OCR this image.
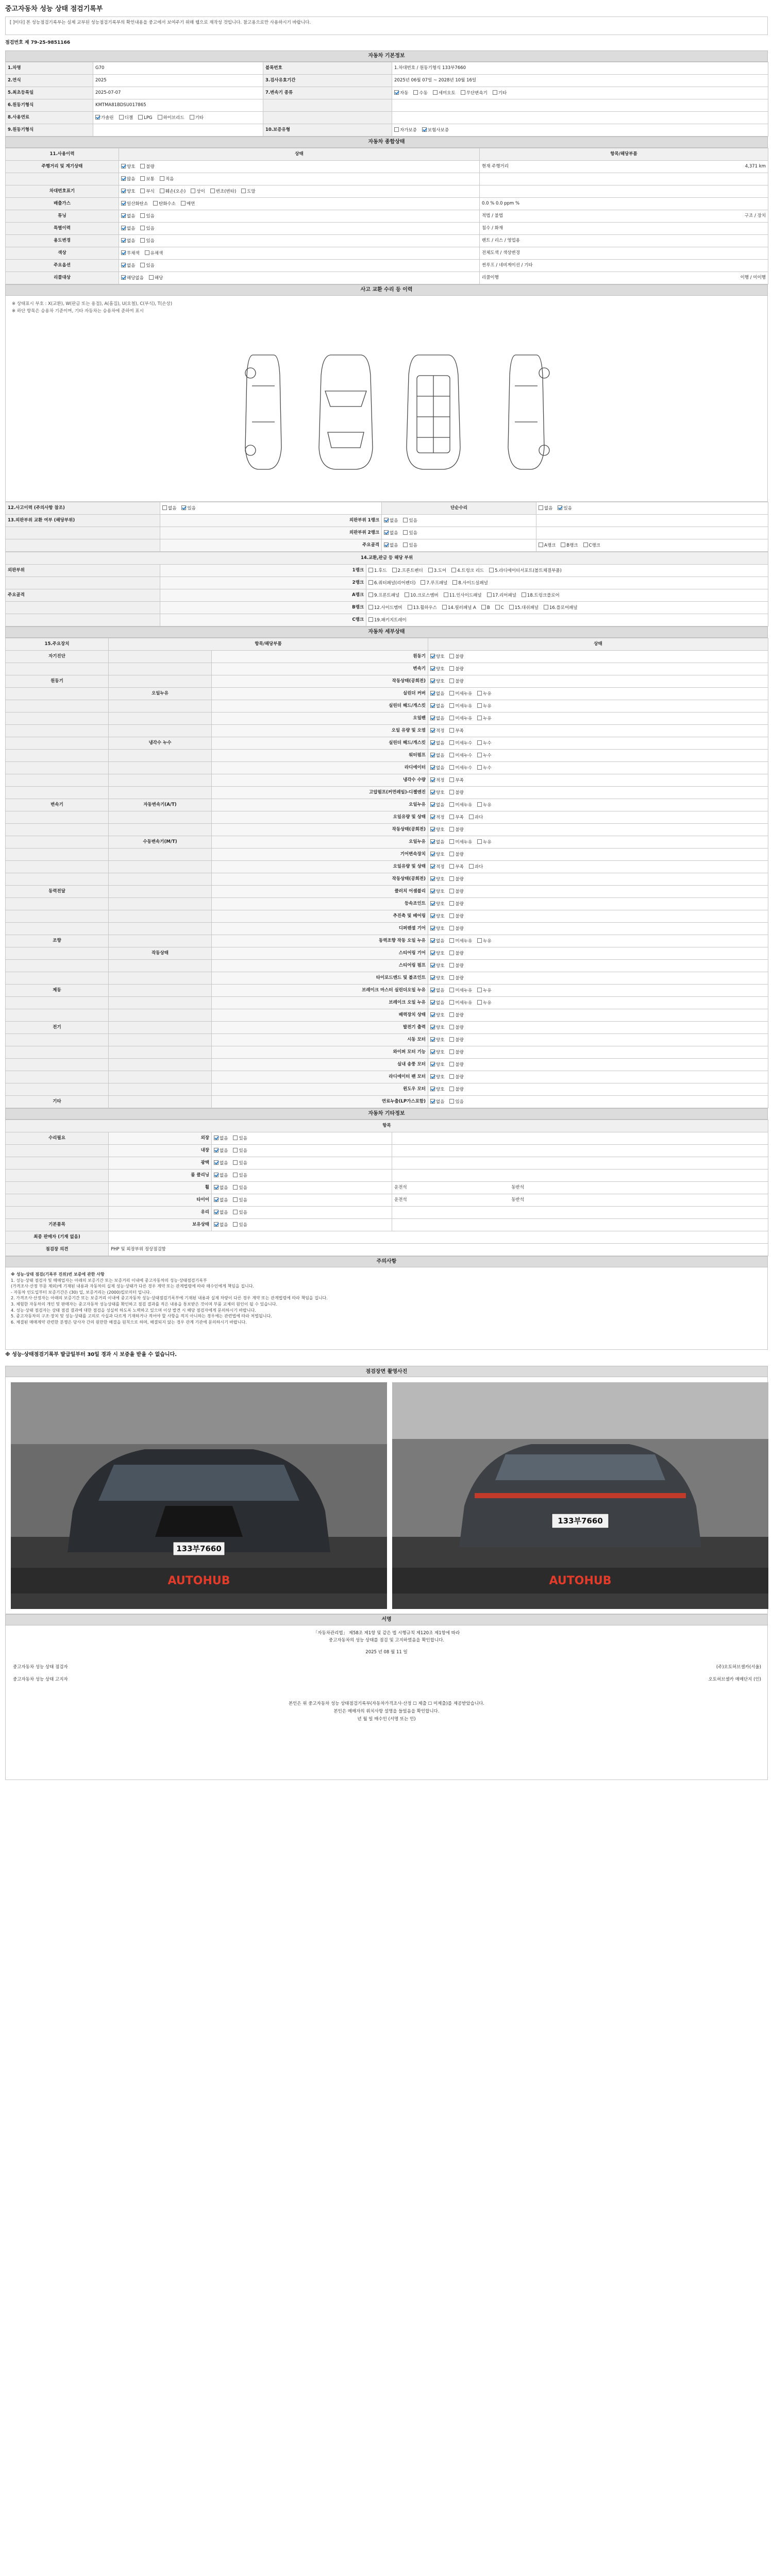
중고자동차 성능 상태 점검기록부
[ ]이다] 본 성능점검기록부는 실제 교부된 성능점검기록부의 확인내용을 중고에서 보여주기 위해 웹으로 재작성 것입니다. 참고용으로만 사용하시기 바랍니다.
점검번호 제 79-25-9851166
자동차 기본정보
1.차명	G70	블록번호	1.차대번호 / 원동기형식 133부7660
2.연식	2025	3.검사유효기간	2025년 06월 07일 ~ 2028년 10월 16일
5.최초등록일	2025-07-07	7.변속기 종류	자동 수동 세미오토 무단변속기 기타
6.원동기형식	KMTMA81BDSU017865		
8.사용연료	가솔린 디젤 LPG 하이브리드 기타		
9.원동기형식		10.보증유형	자가보증 보험사보증
자동차 종합상태
11.사용이력	상태	항목/해당부품
주행거리 및 계기상태	양호 불량	현재 주행거리 4,371 km

	많음 보통 적음	
차대번호표기	양호 부식 훼손(오손) 상이 변조(변타) 도말	
배출가스	일산화탄소 탄화수소 매연	0.0 % 0.0 ppm %
튜닝	없음 있음	적법 / 불법 구조 / 장치

특별이력	없음 있음	침수 / 화재
용도변경	없음 있음	렌트 / 리스 / 영업용
색상	무채색 유채색	전체도색 / 색상변경
주요옵션	없음 있음	썬루프 / 네비게이션 / 기타
리콜대상	해당없음 해당	리콜이행 이행 / 미이행
사고 교환 수리 등 이력
※ 상태표시 부호 : X(교환), W(판금 또는 용접), A(흠집), U(요철), C(부식), T(손상)
※ 하단 항목은 승용차 기준이며, 기타 자동차는 승용차에 준하여 표시
12.사고이력 (주의사항 참조)	없음 있음	단순수리	없음 있음
13.외판부위 교환 여부 (해당부위)	외판부위 1랭크	없음 있음	
	외판부위 2랭크	없음 있음	
	주요골격	없음 있음	A랭크 B랭크 C랭크
14.교환,판금 등 해당 부위		
외판부위	1랭크	1.후드 2.프론트펜더 3.도어 4.트렁크 리드 5.라디에이터서포트(볼트체결부품)
	2랭크	6.쿼터패널(리어펜더) 7.루프패널 8.사이드실패널
주요골격	A랭크	9.프론트패널 10.크로스멤버 11.인사이드패널 17.리어패널 18.트렁크플로어
	B랭크	12.사이드멤버 13.휠하우스 14.필러패널 A B C 15.대쉬패널 16.플로어패널
	C랭크	19.패키지트레이
자동차 세부상태
15.주요장치	항목/해당부품		상태
자기진단		원동기	양호 불량
		변속기	양호 불량
원동기		작동상태(공회전)	양호 불량
	오일누유	실린더 커버	없음 미세누유 누유
		실린더 헤드/개스킷	없음 미세누유 누유
		오일팬	없음 미세누유 누유
		오일 유량 및 오염	적정 부족
	냉각수 누수	실린더 헤드/개스킷	없음 미세누수 누수
		워터펌프	없음 미세누수 누수
		라디에이터	없음 미세누수 누수
		냉각수 수량	적정 부족
		고압펌프(커먼레일)-디젤엔진	양호 불량
변속기	자동변속기(A/T)	오일누유	없음 미세누유 누유
		오일유량 및 상태	적정 부족 과다
		작동상태(공회전)	양호 불량
	수동변속기(M/T)	오일누유	없음 미세누유 누유
		기어변속장치	양호 불량
		오일유량 및 상태	적정 부족 과다
		작동상태(공회전)	양호 불량
동력전달		클러치 어셈블리	양호 불량
		등속조인트	양호 불량
		추진축 및 베어링	양호 불량
		디퍼렌셜 기어	양호 불량
조향		동력조향 작동 오일 누유	없음 미세누유 누유
	작동상태	스티어링 기어	양호 불량
		스티어링 펌프	양호 불량
		타이로드엔드 및 볼조인트	양호 불량
제동		브레이크 마스터 실린더오일 누유	없음 미세누유 누유
		브레이크 오일 누유	없음 미세누유 누유
		배력장치 상태	양호 불량
전기		발전기 출력	양호 불량
		시동 모터	양호 불량
		와이퍼 모터 기능	양호 불량
		실내 송풍 모터	양호 불량
		라디에이터 팬 모터	양호 불량
		윈도우 모터	양호 불량
기타		연료누출(LP가스포함)	없음 있음
자동차 기타정보
항목			
수리필요	외장	없음 있음	
	내장	없음 있음	
	광택	없음 있음	
	룸 클리닝	없음 있음	
	휠	없음 있음	운전석 동반석
	타이어	없음 있음	운전석 동반석
	유리	없음 있음	
기본품목	보유상태	없음 있음	
최종 판매자 (기재 없음)			
점검장 의견	PHP 및 외장부위 정상점검함		
주의사항
※ 성능·상태 점검(기록부 진위)번 보증에 관한 사항
1. 성능·상태 점검자 및 매매업자는 아래의 보증기간 또는 보증거리 이내에 중고자동차의 성능·상태점검기록부
(가격조사·산정 부문 제외)에 기재된 내용과 자동차의 실제 성능·상태가 다른 경우 계약 또는 관계법령에 따라 매수인에게 책임을 집니다.
- 자동차 인도일부터 보증기간은 (30) 일, 보증거리는 (2000)킬로미터 입니다.
2. 가격조사·산정자는 아래의 보증기간 또는 보증거리 이내에 중고자동차 성능·상태점검기록부에 기재된 내용과 실제 차량이 다른 경우 계약 또는 관계법령에 따라 책임을 집니다.
3. 체험한 자동차의 개인 및 판매자는 중고자동차 성능상태를 확인하고 점검 결과를 적은 내용을 통보받은 것이며 부품 교체의 원인이 될 수 있습니다.
4. 성능·상태 점검자는 상태 점검 결과에 대한 점검을 성실히 하도록 노력하고 있으며 이상 발견 시 해당 점검자에게 문의하시기 바랍니다.
5. 중고자동차의 구조·장치 및 성능·상태를 고의로 사실과 다르게 기재하거나 적어야 할 사항을 적지 아니하는 경우에는 관련법에 따라 처벌됩니다.
6. 체결된 매매계약 관련한 분쟁은 당사자 간의 원만한 해결을 원칙으로 하며, 해결되지 않는 경우 관계 기관에 문의하시기 바랍니다.
※ 성능·상태점검기록부 발급일부터 30일 경과 시 보증을 받을 수 없습니다.
점검장면 촬영사진
133부7660
AUTOHUB
133부7660
AUTOHUB
서명

「자동차관리법」 제58조 제1항 및 같은 법 시행규칙 제120조 제1항에 따라

중고자동차의 성능 상태를 점검 및 고지하였음을 확인합니다.

2025 년 08 월 11 일

중고자동차 성능 상태 점검자		(주)오토허브셀카(서울)
중고자동차 성능 상태 고지자		오토허브셀카 매매단지 (인)

본인은 위 중고자동차 성능 상태점검기록부(자동차가격조사·산정 ☐ 제출 ☐ 미제출)를 제공받았습니다.

본인은 매매자의 위치사항 설명을 들었음을 확인합니다.

년 월 일 매수인 (서명 또는 인)
